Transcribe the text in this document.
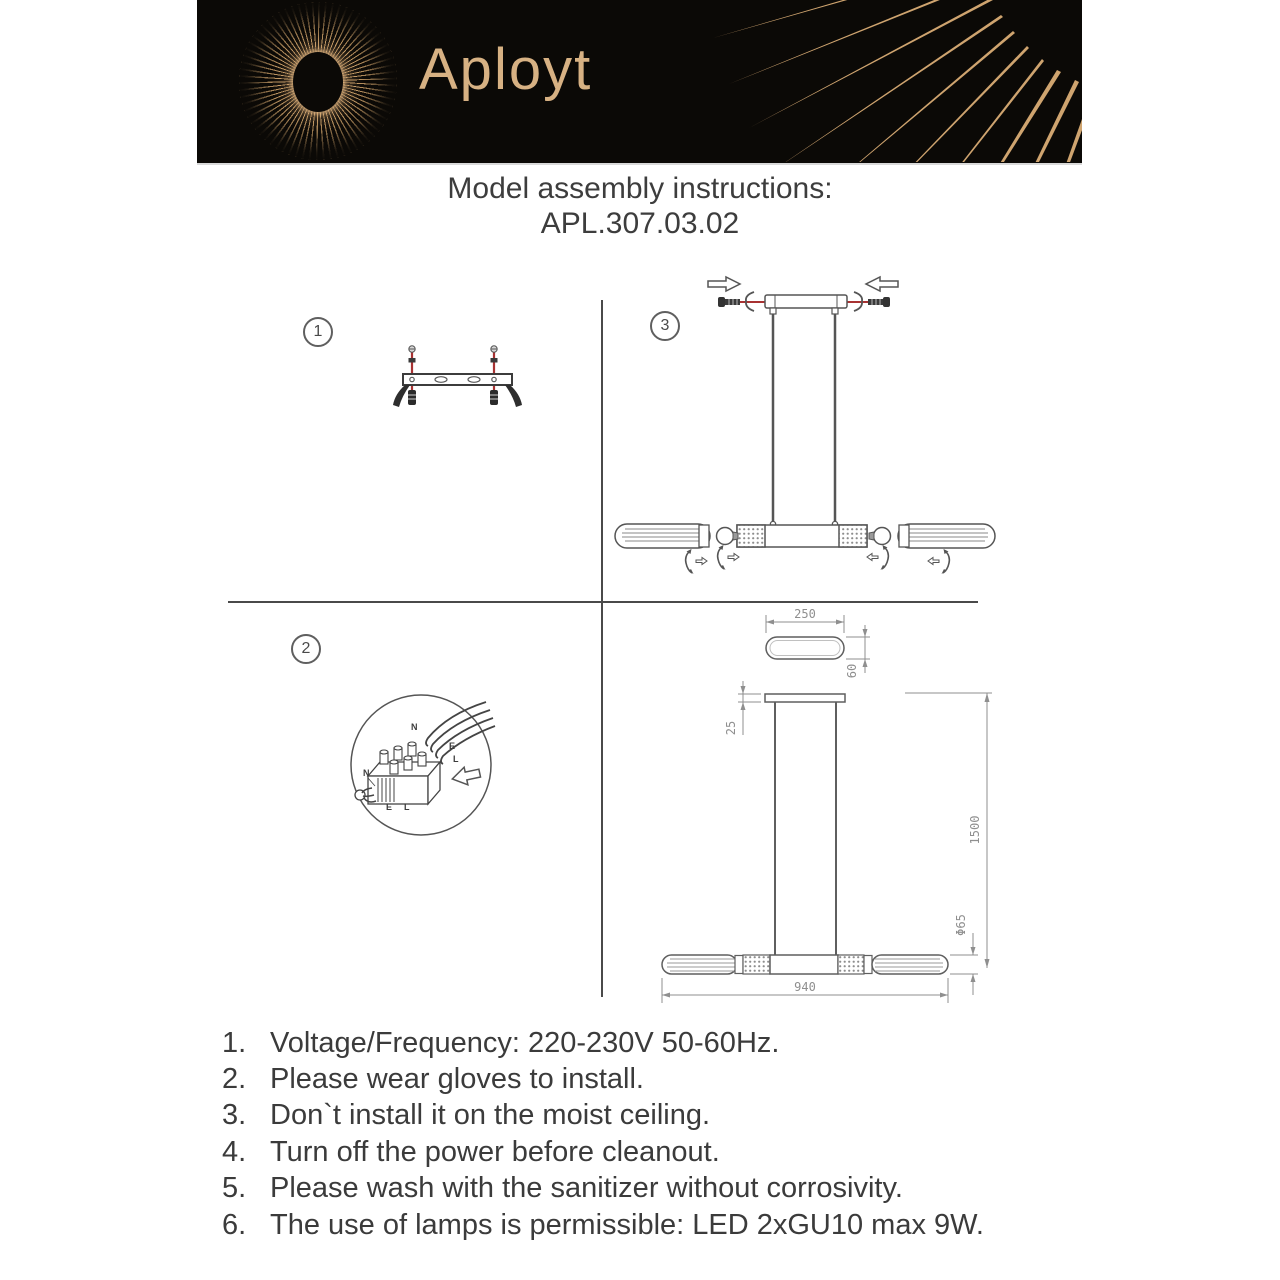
Aployt
Model assembly instructions:
APL.307.03.02
1
2
3
N
E
L
N
E L
250
60
25
1500
Φ65
940
1. Voltage/Frequency: 220-230V 50-60Hz.
2. Please wear gloves to install.
3. Don`t install it on the moist ceiling.
4. Turn off the power before cleanout.
5. Please wash with the sanitizer without corrosivity.
6. The use of lamps is permissible: LED 2xGU10 max 9W.
